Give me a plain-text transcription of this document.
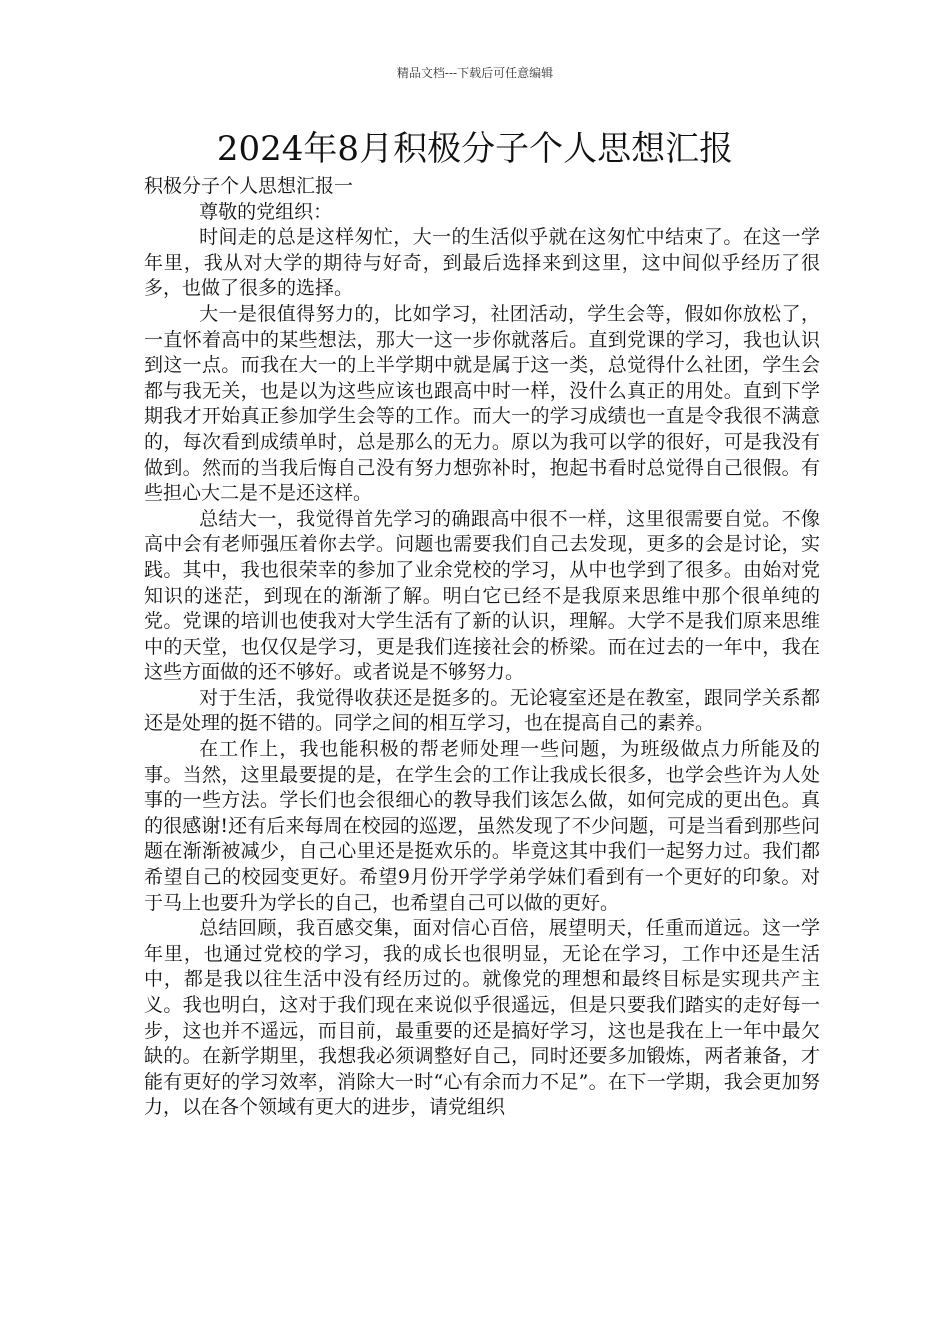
精品文档---下载后可任意编辑
2024年8月积极分子个人思想汇报

积极分子个人思想汇报一

尊敬的党组织：

时间走的总是这样匆忙，大一的生活似乎就在这匆忙中结束了。在这一学年里，我从对大学的期待与好奇，到最后选择来到这里，这中间似乎经历了很多，也做了很多的选择。

大一是很值得努力的，比如学习，社团活动，学生会等，假如你放松了，一直怀着高中的某些想法，那大一这一步你就落后。直到党课的学习，我也认识到这一点。而我在大一的上半学期中就是属于这一类，总觉得什么社团，学生会都与我无关，也是以为这些应该也跟高中时一样，没什么真正的用处。直到下学期我才开始真正参加学生会等的工作。而大一的学习成绩也一直是令我很不满意的，每次看到成绩单时，总是那么的无力。原以为我可以学的很好，可是我没有做到。然而的当我后悔自己没有努力想弥补时，抱起书看时总觉得自己很假。有些担心大二是不是还这样。

总结大一，我觉得首先学习的确跟高中很不一样，这里很需要自觉。不像高中会有老师强压着你去学。问题也需要我们自己去发现，更多的会是讨论，实践。其中，我也很荣幸的参加了业余党校的学习，从中也学到了很多。由始对党知识的迷茫，到现在的渐渐了解。明白它已经不是我原来思维中那个很单纯的党。党课的培训也使我对大学生活有了新的认识，理解。大学不是我们原来思维中的天堂，也仅仅是学习，更是我们连接社会的桥梁。而在过去的一年中，我在这些方面做的还不够好。或者说是不够努力。

对于生活，我觉得收获还是挺多的。无论寝室还是在教室，跟同学关系都还是处理的挺不错的。同学之间的相互学习，也在提高自己的素养。

在工作上，我也能积极的帮老师处理一些问题，为班级做点力所能及的事。当然，这里最要提的是，在学生会的工作让我成长很多，也学会些许为人处事的一些方法。学长们也会很细心的教导我们该怎么做，如何完成的更出色。真的很感谢!还有后来每周在校园的巡逻，虽然发现了不少问题，可是当看到那些问题在渐渐被减少，自己心里还是挺欢乐的。毕竟这其中我们一起努力过。我们都希望自己的校园变更好。希望9月份开学学弟学妹们看到有一个更好的印象。对于马上也要升为学长的自己，也希望自己可以做的更好。

总结回顾，我百感交集，面对信心百倍，展望明天，任重而道远。这一学年里，也通过党校的学习，我的成长也很明显，无论在学习，工作中还是生活中，都是我以往生活中没有经历过的。就像党的理想和最终目标是实现共产主义。我也明白，这对于我们现在来说似乎很遥远，但是只要我们踏实的走好每一步，这也并不遥远，而目前，最重要的还是搞好学习，这也是我在上一年中最欠缺的。在新学期里，我想我必须调整好自己，同时还要多加锻炼，两者兼备，才能有更好的学习效率，消除大一时“心有余而力不足”。在下一学期，我会更加努力，以在各个领域有更大的进步，请党组织
